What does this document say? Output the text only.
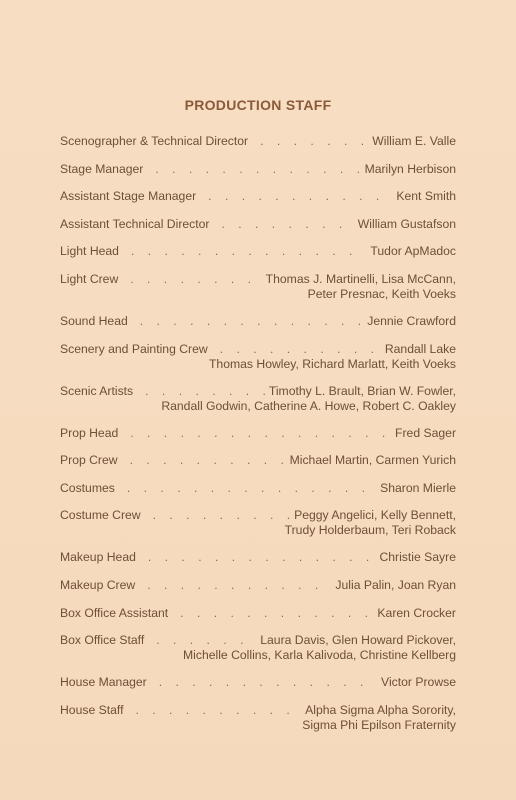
PRODUCTION STAFF
Scenographer & Technical Director . . .	William E. Valle
Stage Manager . . .	Marilyn Herbison
Assistant Stage Manager . . .	Kent Smith
Assistant Technical Director . . .	William Gustafson
Light Head . . .	Tudor ApMadoc
Light Crew . . .	Thomas J. Martinelli, Lisa McCann,
Peter Presnac, Keith Voeks
Sound Head . . .	Jennie Crawford
Scenery and Painting Crew . . .	Randall Lake
Thomas Howley, Richard Marlatt, Keith Voeks
Scenic Artists . . .	Timothy L. Brault, Brian W. Fowler,
Randall Godwin, Catherine A. Howe, Robert C. Oakley
Prop Head . . .	Fred Sager
Prop Crew . . .	Michael Martin, Carmen Yurich
Costumes . . .	Sharon Mierle
Costume Crew . . .	Peggy Angelici, Kelly Bennett,
Trudy Holderbaum, Teri Roback
Makeup Head . . .	Christie Sayre
Makeup Crew . . .	Julia Palin, Joan Ryan
Box Office Assistant . . .	Karen Crocker
Box Office Staff . . .	Laura Davis, Glen Howard Pickover,
Michelle Collins, Karla Kalivoda, Christine Kellberg
House Manager . . .	Victor Prowse
House Staff . . .	Alpha Sigma Alpha Sorority,
Sigma Phi Epilson Fraternity
